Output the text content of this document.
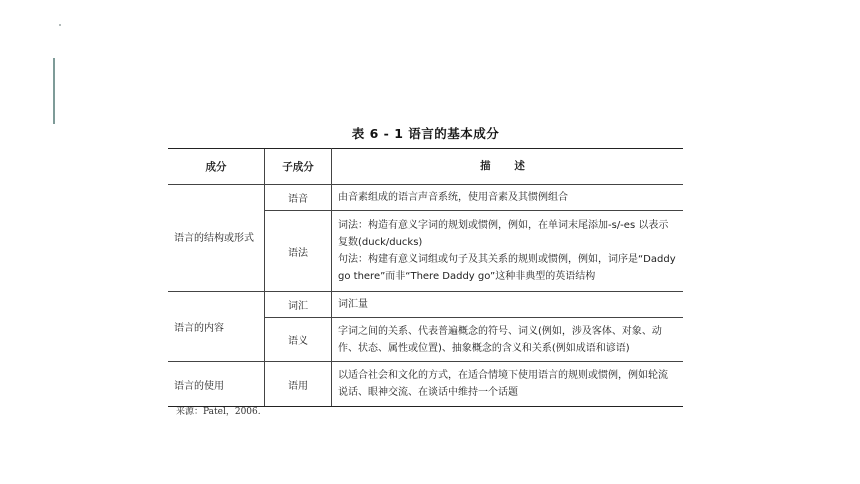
表 6 - 1 语言的基本成分
成分	子成分	描 述
语言的结构或形式	语音	由音素组成的语言声音系统，使用音素及其惯例组合
	语法	词法：构造有意义字词的规划或惯例，例如，在单词末尾添加-s/-es 以表示复数(duck/ducks)
句法：构建有意义词组或句子及其关系的规则或惯例，例如，词序是“Daddy go there”而非“There Daddy go”这种非典型的英语结构

语言的内容	词汇	词汇量
	语义	字词之间的关系、代表普遍概念的符号、词义(例如，涉及客体、对象、动作、状态、属性或位置)、抽象概念的含义和关系(例如成语和谚语)
语言的使用	语用	以适合社会和文化的方式，在适合情境下使用语言的规则或惯例，例如轮流说话、眼神交流、在谈话中维持一个话题
来源：Patel，2006.
